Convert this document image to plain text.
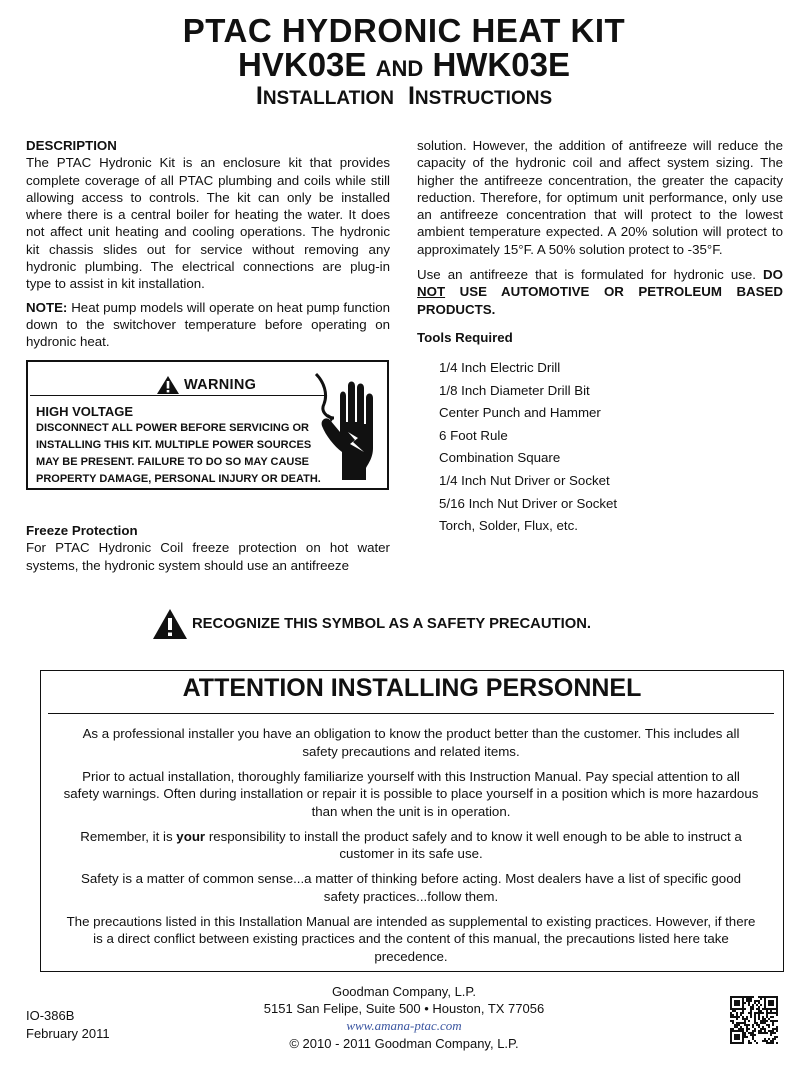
PTAC HYDRONIC HEAT KIT
HVK03E AND HWK03E
INSTALLATION INSTRUCTIONS

DESCRIPTION
The PTAC Hydronic Kit is an enclosure kit that provides complete coverage of all PTAC plumbing and coils while still allowing access to controls. The kit can only be installed where there is a central boiler for heating the water. It does not affect unit heating and cooling operations. The hydronic kit chassis slides out for service without removing any hydronic plumbing. The electrical connections are plug-in type to assist in kit installation.

NOTE: Heat pump models will operate on heat pump function down to the switchover temperature before operating on hydronic heat.

WARNING
HIGH VOLTAGE
DISCONNECT ALL POWER BEFORE SERVICING OR INSTALLING THIS KIT. MULTIPLE POWER SOURCES MAY BE PRESENT. FAILURE TO DO SO MAY CAUSE PROPERTY DAMAGE, PERSONAL INJURY OR DEATH.
Freeze Protection
For PTAC Hydronic Coil freeze protection on hot water systems, the hydronic system should use an antifreeze

solution. However, the addition of antifreeze will reduce the capacity of the hydronic coil and affect system sizing. The higher the antifreeze concentration, the greater the capacity reduction. Therefore, for optimum unit performance, only use an antifreeze concentration that will protect to the lowest ambient temperature expected. A 20% solution will protect to approximately 15°F. A 50% solution protect to -35°F.

Use an antifreeze that is formulated for hydronic use. DO NOT USE AUTOMOTIVE OR PETROLEUM BASED PRODUCTS.

Tools Required
1/4 Inch Electric Drill
1/8 Inch Diameter Drill Bit
Center Punch and Hammer
6 Foot Rule
Combination Square
1/4 Inch Nut Driver or Socket
5/16 Inch Nut Driver or Socket
Torch, Solder, Flux, etc.
RECOGNIZE THIS SYMBOL AS A SAFETY PRECAUTION.
ATTENTION INSTALLING PERSONNEL

As a professional installer you have an obligation to know the product better than the customer. This includes all safety precautions and related items.

Prior to actual installation, thoroughly familiarize yourself with this Instruction Manual. Pay special attention to all safety warnings. Often during installation or repair it is possible to place yourself in a position which is more hazardous than when the unit is in operation.

Remember, it is your responsibility to install the product safely and to know it well enough to be able to instruct a customer in its safe use.

Safety is a matter of common sense...a matter of thinking before acting. Most dealers have a list of specific good safety practices...follow them.

The precautions listed in this Installation Manual are intended as supplemental to existing practices. However, if there is a direct conflict between existing practices and the content of this manual, the precautions listed here take precedence.

Goodman Company, L.P.
5151 San Felipe, Suite 500 • Houston, TX 77056
www.amana-ptac.com
© 2010 - 2011 Goodman Company, L.P.
IO-386B
February 2011
